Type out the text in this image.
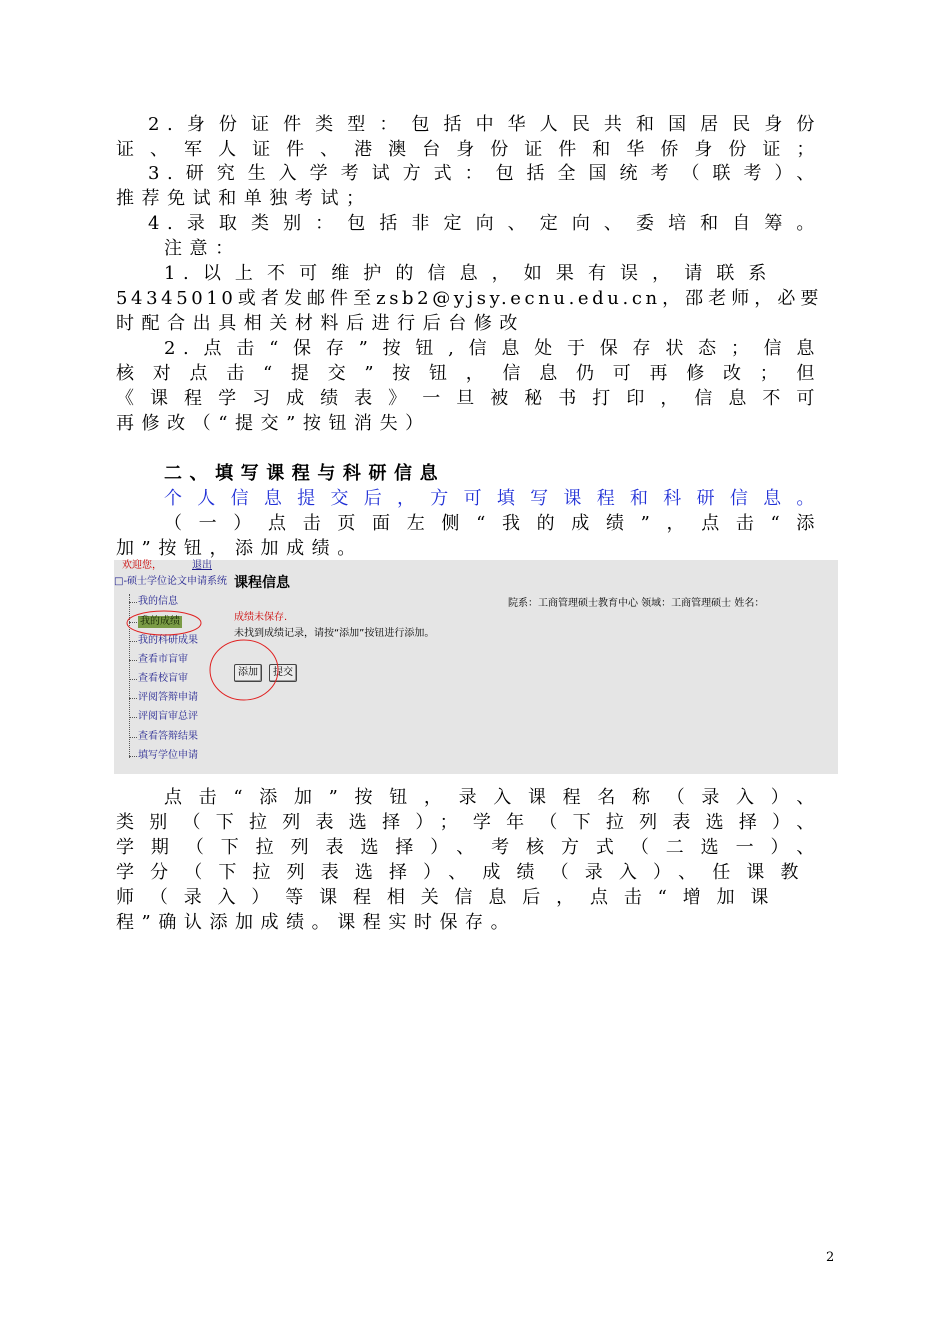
2.身份证件类型：包括中华人民共和国居民身份
证、军人证件、港澳台身份证件和华侨身份证；
3.研究生入学考试方式：包括全国统考（联考）、
推荐免试和单独考试；
4.录取类别：包括非定向、定向、委培和自筹。
注意：
1.以上不可维护的信息，如果有误，请联系
54345010或者发邮件至zsb2@yjsy.ecnu.edu.cn，邵老师，必要
时配合出具相关材料后进行后台修改
2.点击“保存”按钮,信息处于保存状态；信息
核对点击“提交”按钮，信息仍可再修改；但
《课程学习成绩表》一旦被秘书打印，信息不可
再修改（“提交”按钮消失）
二、填写课程与科研信息
个人信息提交后，方可填写课程和科研信息。
（一）点击页面左侧“我的成绩”，点击“添
加”按钮，添加成绩。
欢迎您，	退出
□-硕士学位论文申请系统
我的信息
我的成绩
我的科研成果
查看市盲审
查看校盲审
评阅答辩申请
评阅盲审总评
查看答辩结果
填写学位申请
课程信息
院系：工商管理硕士教育中心 领域：工商管理硕士 姓名：
成绩未保存.
未找到成绩记录，请按“添加”按钮进行添加。
添加	提交
点击“添加”按钮，录入课程名称（录入）、
类别（下拉列表选择）；学年（下拉列表选择）、
学期（下拉列表选择）、考核方式（二选一）、
学分（下拉列表选择）、成绩（录入）、任课教
师（录入）等课程相关信息后，点击“增加课
程”确认添加成绩。课程实时保存。
2
